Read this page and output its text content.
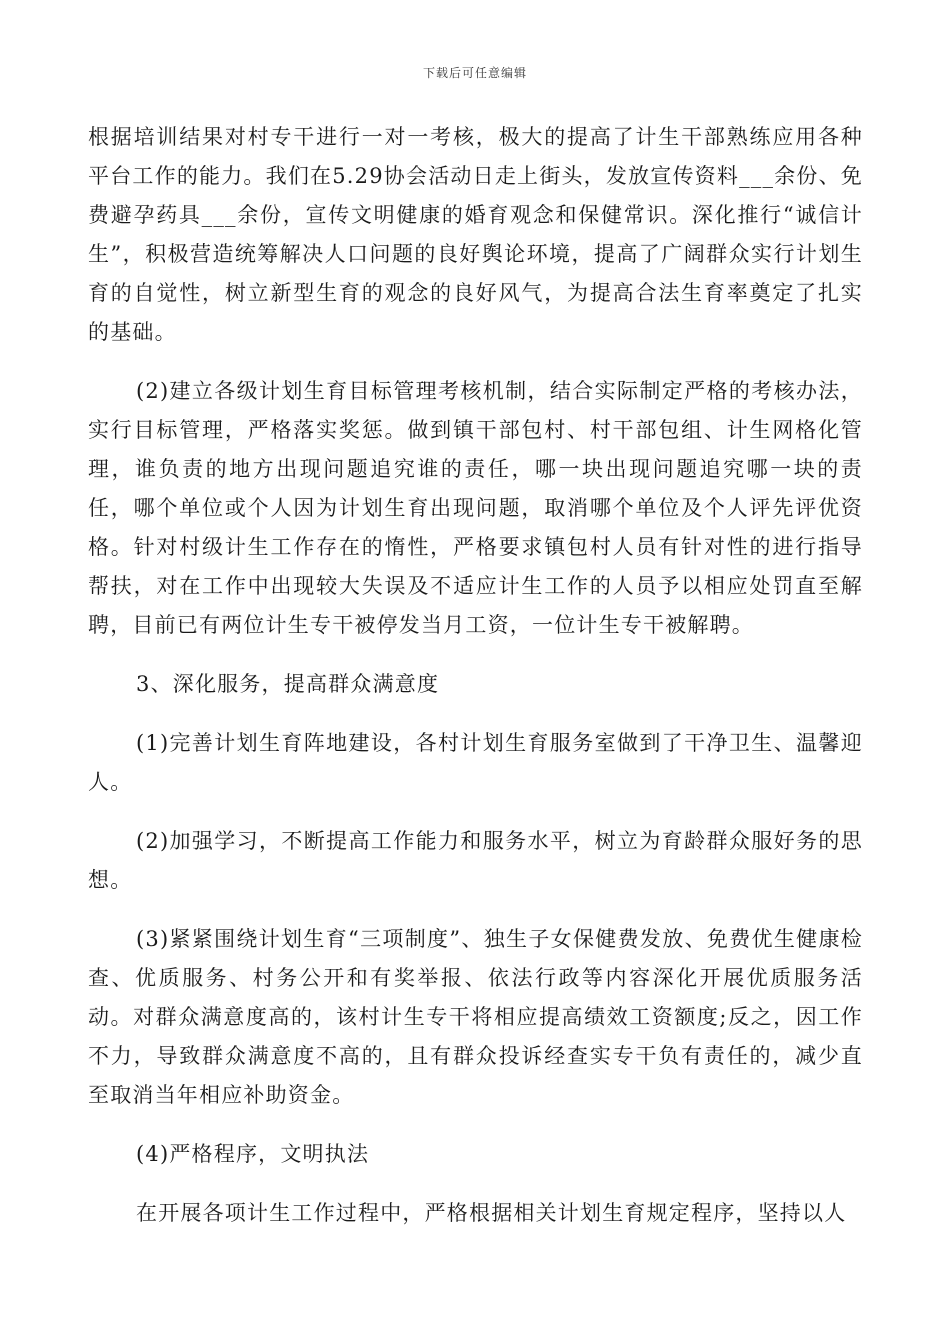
下载后可任意编辑

根据培训结果对村专干进行一对一考核，极大的提高了计生干部熟练应用各种平台工作的能力。我们在5.29协会活动日走上街头，发放宣传资料___余份、免费避孕药具___余份，宣传文明健康的婚育观念和保健常识。深化推行“诚信计生”，积极营造统筹解决人口问题的良好舆论环境，提高了广阔群众实行计划生育的自觉性，树立新型生育的观念的良好风气，为提高合法生育率奠定了扎实的基础。

(2)建立各级计划生育目标管理考核机制，结合实际制定严格的考核办法，实行目标管理，严格落实奖惩。做到镇干部包村、村干部包组、计生网格化管理，谁负责的地方出现问题追究谁的责任，哪一块出现问题追究哪一块的责任，哪个单位或个人因为计划生育出现问题，取消哪个单位及个人评先评优资格。针对村级计生工作存在的惰性，严格要求镇包村人员有针对性的进行指导帮扶，对在工作中出现较大失误及不适应计生工作的人员予以相应处罚直至解聘，目前已有两位计生专干被停发当月工资，一位计生专干被解聘。

3、深化服务，提高群众满意度

(1)完善计划生育阵地建设，各村计划生育服务室做到了干净卫生、温馨迎人。

(2)加强学习，不断提高工作能力和服务水平，树立为育龄群众服好务的思想。

(3)紧紧围绕计划生育“三项制度”、独生子女保健费发放、免费优生健康检查、优质服务、村务公开和有奖举报、依法行政等内容深化开展优质服务活动。对群众满意度高的，该村计生专干将相应提高绩效工资额度;反之，因工作不力，导致群众满意度不高的，且有群众投诉经查实专干负有责任的，减少直至取消当年相应补助资金。

(4)严格程序，文明执法

在开展各项计生工作过程中，严格根据相关计划生育规定程序，坚持以人
